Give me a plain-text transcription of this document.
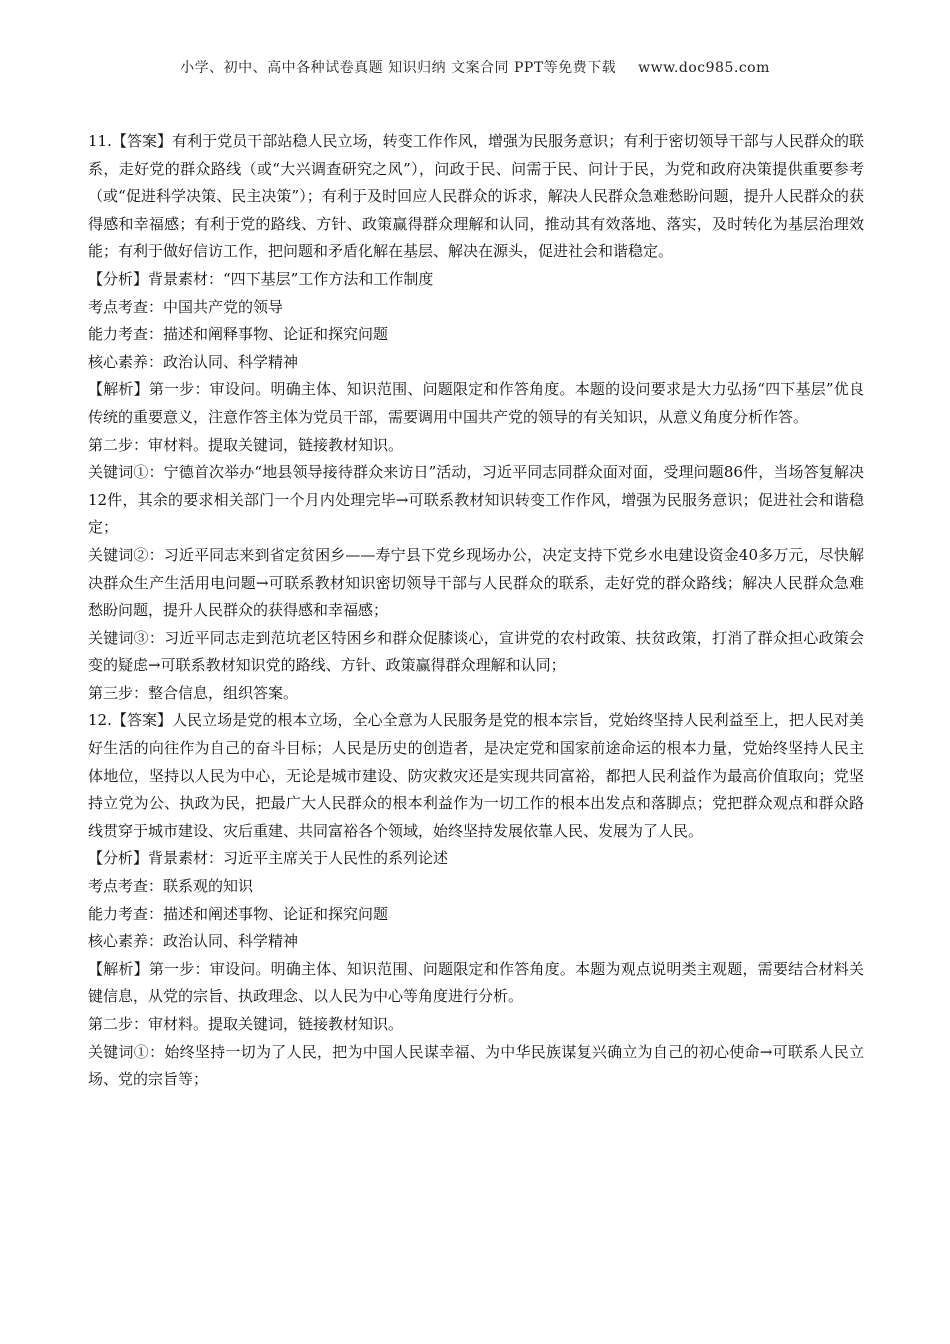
小学、初中、高中各种试卷真题 知识归纳 文案合同 PPT等免费下载 www.doc985.com

11.【答案】有利于党员干部站稳人民立场，转变工作作风，增强为民服务意识；有利于密切领导干部与人民群众的联系，走好党的群众路线（或“大兴调查研究之风”），问政于民、问需于民、问计于民，为党和政府决策提供重要参考（或“促进科学决策、民主决策”）；有利于及时回应人民群众的诉求，解决人民群众急难愁盼问题，提升人民群众的获得感和幸福感；有利于党的路线、方针、政策赢得群众理解和认同，推动其有效落地、落实，及时转化为基层治理效能；有利于做好信访工作，把问题和矛盾化解在基层、解决在源头，促进社会和谐稳定。

【分析】背景素材：“四下基层”工作方法和工作制度

考点考查：中国共产党的领导

能力考查：描述和阐释事物、论证和探究问题

核心素养：政治认同、科学精神

【解析】第一步：审设问。明确主体、知识范围、问题限定和作答角度。本题的设问要求是大力弘扬“四下基层”优良传统的重要意义，注意作答主体为党员干部，需要调用中国共产党的领导的有关知识，从意义角度分析作答。

第二步：审材料。提取关键词，链接教材知识。

关键词①：宁德首次举办“地县领导接待群众来访日”活动，习近平同志同群众面对面，受理问题86件，当场答复解决12件，其余的要求相关部门一个月内处理完毕→可联系教材知识转变工作作风，增强为民服务意识；促进社会和谐稳定；

关键词②：习近平同志来到省定贫困乡——寿宁县下党乡现场办公，决定支持下党乡水电建设资金40多万元，尽快解决群众生产生活用电问题→可联系教材知识密切领导干部与人民群众的联系，走好党的群众路线；解决人民群众急难愁盼问题，提升人民群众的获得感和幸福感；

关键词③：习近平同志走到范坑老区特困乡和群众促膝谈心，宣讲党的农村政策、扶贫政策，打消了群众担心政策会变的疑虑→可联系教材知识党的路线、方针、政策赢得群众理解和认同；

第三步：整合信息，组织答案。

12.【答案】人民立场是党的根本立场，全心全意为人民服务是党的根本宗旨，党始终坚持人民利益至上，把人民对美好生活的向往作为自己的奋斗目标；人民是历史的创造者，是决定党和国家前途命运的根本力量，党始终坚持人民主体地位，坚持以人民为中心，无论是城市建设、防灾救灾还是实现共同富裕，都把人民利益作为最高价值取向；党坚持立党为公、执政为民，把最广大人民群众的根本利益作为一切工作的根本出发点和落脚点；党把群众观点和群众路线贯穿于城市建设、灾后重建、共同富裕各个领域，始终坚持发展依靠人民、发展为了人民。

【分析】背景素材：习近平主席关于人民性的系列论述

考点考查：联系观的知识

能力考查：描述和阐述事物、论证和探究问题

核心素养：政治认同、科学精神

【解析】第一步：审设问。明确主体、知识范围、问题限定和作答角度。本题为观点说明类主观题，需要结合材料关键信息，从党的宗旨、执政理念、以人民为中心等角度进行分析。

第二步：审材料。提取关键词，链接教材知识。

关键词①：始终坚持一切为了人民，把为中国人民谋幸福、为中华民族谋复兴确立为自己的初心使命→可联系人民立场、党的宗旨等；
